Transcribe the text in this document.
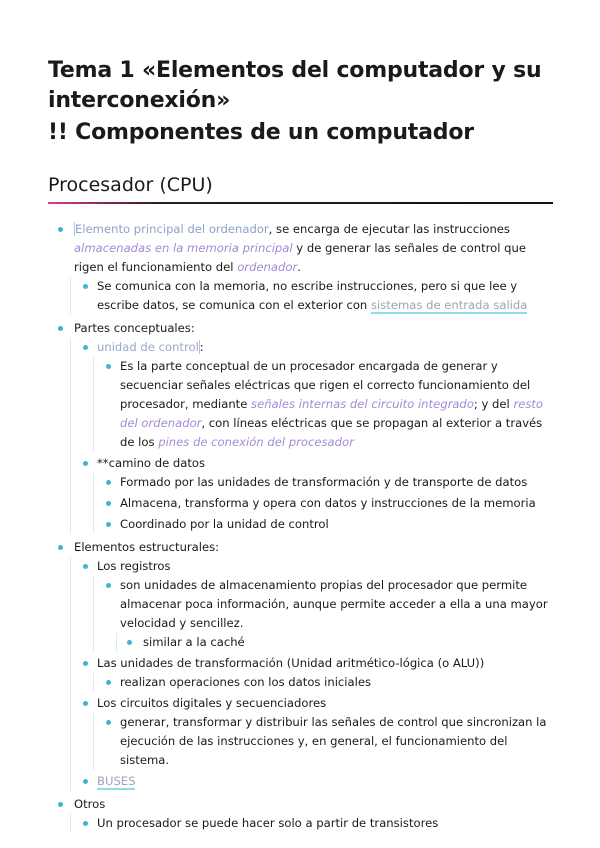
Tema 1 «Elementos del computador y su interconexión»
!! Componentes de un computador
Procesador (CPU)
Elemento principal del ordenador, se encarga de ejecutar las instrucciones almacenadas en la memoria principal y de generar las señales de control que rigen el funcionamiento del ordenador.
Se comunica con la memoria, no escribe instrucciones, pero si que lee y escribe datos, se comunica con el exterior con sistemas de entrada salida
Partes conceptuales:
unidad de control:
Es la parte conceptual de un procesador encargada de generar y secuenciar señales eléctricas que rigen el correcto funcionamiento del procesador, mediante señales internas del circuito integrado; y del resto del ordenador, con líneas eléctricas que se propagan al exterior a través de los pines de conexión del procesador
**camino de datos
Formado por las unidades de transformación y de transporte de datos
Almacena, transforma y opera con datos y instrucciones de la memoria
Coordinado por la unidad de control
Elementos estructurales:
Los registros
son unidades de almacenamiento propias del procesador que permite almacenar poca información, aunque permite acceder a ella a una mayor velocidad y sencillez.
similar a la caché
Las unidades de transformación (Unidad aritmético-lógica (o ALU))
realizan operaciones con los datos iniciales
Los circuitos digitales y secuenciadores
generar, transformar y distribuir las señales de control que sincronizan la ejecución de las instrucciones y, en general, el funcionamiento del sistema.
BUSES
Otros
Un procesador se puede hacer solo a partir de transistores
